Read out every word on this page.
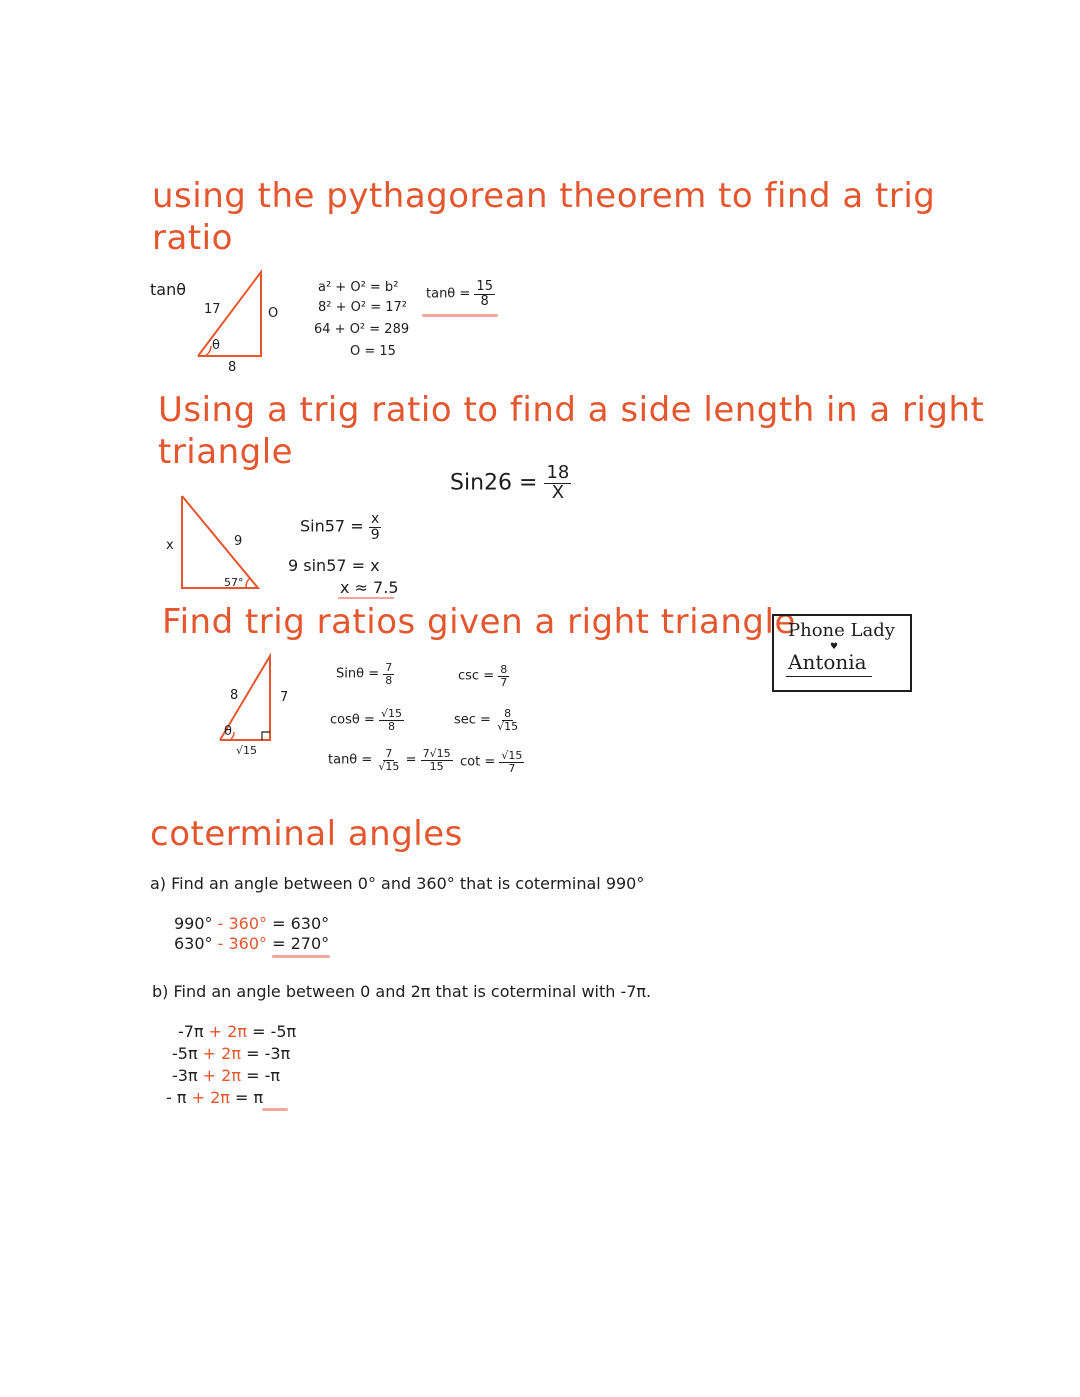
using the pythagorean theorem to find a trig
ratio
tanθ
17	O
8
θ
a² + O² = b²
8² + O² = 17²
64 + O² = 289
O = 15
$\tan\theta = \frac{15}{8}$
Using a trig ratio to find a side length in a right
triangle
$Sin26 = \frac{18}{X}$
x	9
57°
$Sin57 = \frac{x}{9}$
9 sin57 = x
x ≈ 7.5
Find trig ratios given a right triangle
Phone Lady
♥
Antonia
8	7
√15
θ
$Sin\theta = \frac{7}{8}$	$\csc = \frac{8}{7}$
$\cos\theta = \frac{√15}{8}$	$\sec = \frac{8}{√15}$
$\tan\theta = \frac{7}{√15} = \frac{7√15}{15}$ $\cot = \frac{√15}{7}$
coterminal angles
a) Find an angle between 0° and 360° that is coterminal 990°
990° - 360° = 630°
630° - 360° = 270°
b) Find an angle between 0 and 2π that is coterminal with -7π.
-7π + 2π = -5π
-5π + 2π = -3π
-3π + 2π = -π
- π + 2π = π
